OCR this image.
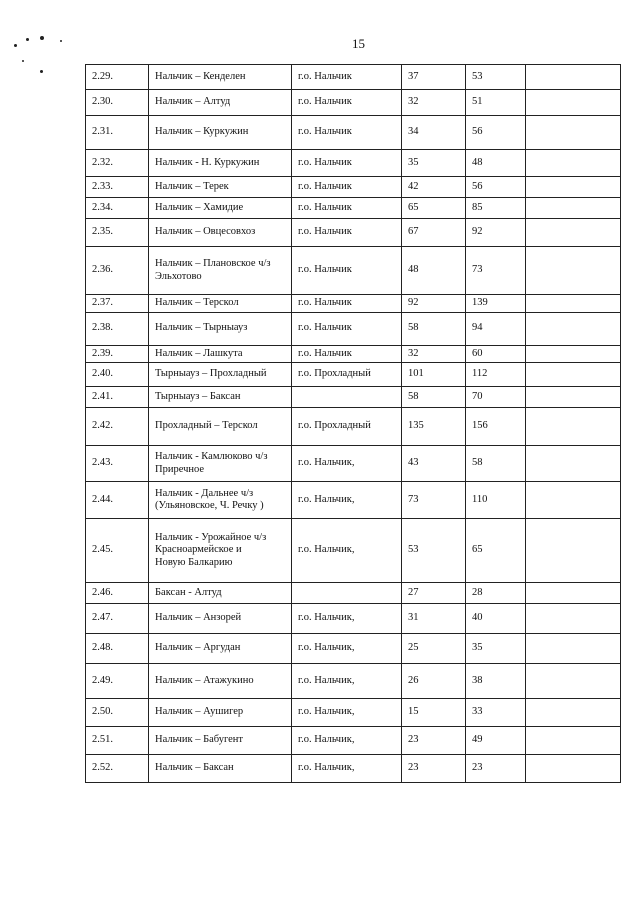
15
2.29.	Нальчик – Кенделен	г.о. Нальчик	37	53	
2.30.	Нальчик – Алтуд	г.о. Нальчик	32	51	
2.31.	Нальчик – Куркужин	г.о. Нальчик	34	56	
2.32.	Нальчик - Н. Куркужин	г.о. Нальчик	35	48	
2.33.	Нальчик – Терек	г.о. Нальчик	42	56	
2.34.	Нальчик – Хамидие	г.о. Нальчик	65	85	
2.35.	Нальчик – Овцесовхоз	г.о. Нальчик	67	92	
2.36.	Нальчик – Плановское ч/з
Эльхотово	г.о. Нальчик	48	73	
2.37.	Нальчик – Терскол	г.о. Нальчик	92	139	
2.38.	Нальчик – Тырныауз	г.о. Нальчик	58	94	
2.39.	Нальчик – Лашкута	г.о. Нальчик	32	60	
2.40.	Тырныауз – Прохладный	г.о. Прохладный	101	112	
2.41.	Тырныауз – Баксан		58	70	
2.42.	Прохладный – Терскол	г.о. Прохладный	135	156	
2.43.	Нальчик - Камлюково ч/з
Приречное	г.о. Нальчик,	43	58	
2.44.	Нальчик - Дальнее ч/з
(Ульяновское, Ч. Речку )	г.о. Нальчик,	73	110	
2.45.	Нальчик - Урожайное ч/з
Красноармейское и
Новую Балкарию	г.о. Нальчик,	53	65	
2.46.	Баксан - Алтуд		27	28	
2.47.	Нальчик – Анзорей	г.о. Нальчик,	31	40	
2.48.	Нальчик – Аргудан	г.о. Нальчик,	25	35	
2.49.	Нальчик – Атажукино	г.о. Нальчик,	26	38	
2.50.	Нальчик – Аушигер	г.о. Нальчик,	15	33	
2.51.	Нальчик – Бабугент	г.о. Нальчик,	23	49	
2.52.	Нальчик – Баксан	г.о. Нальчик,	23	23	
